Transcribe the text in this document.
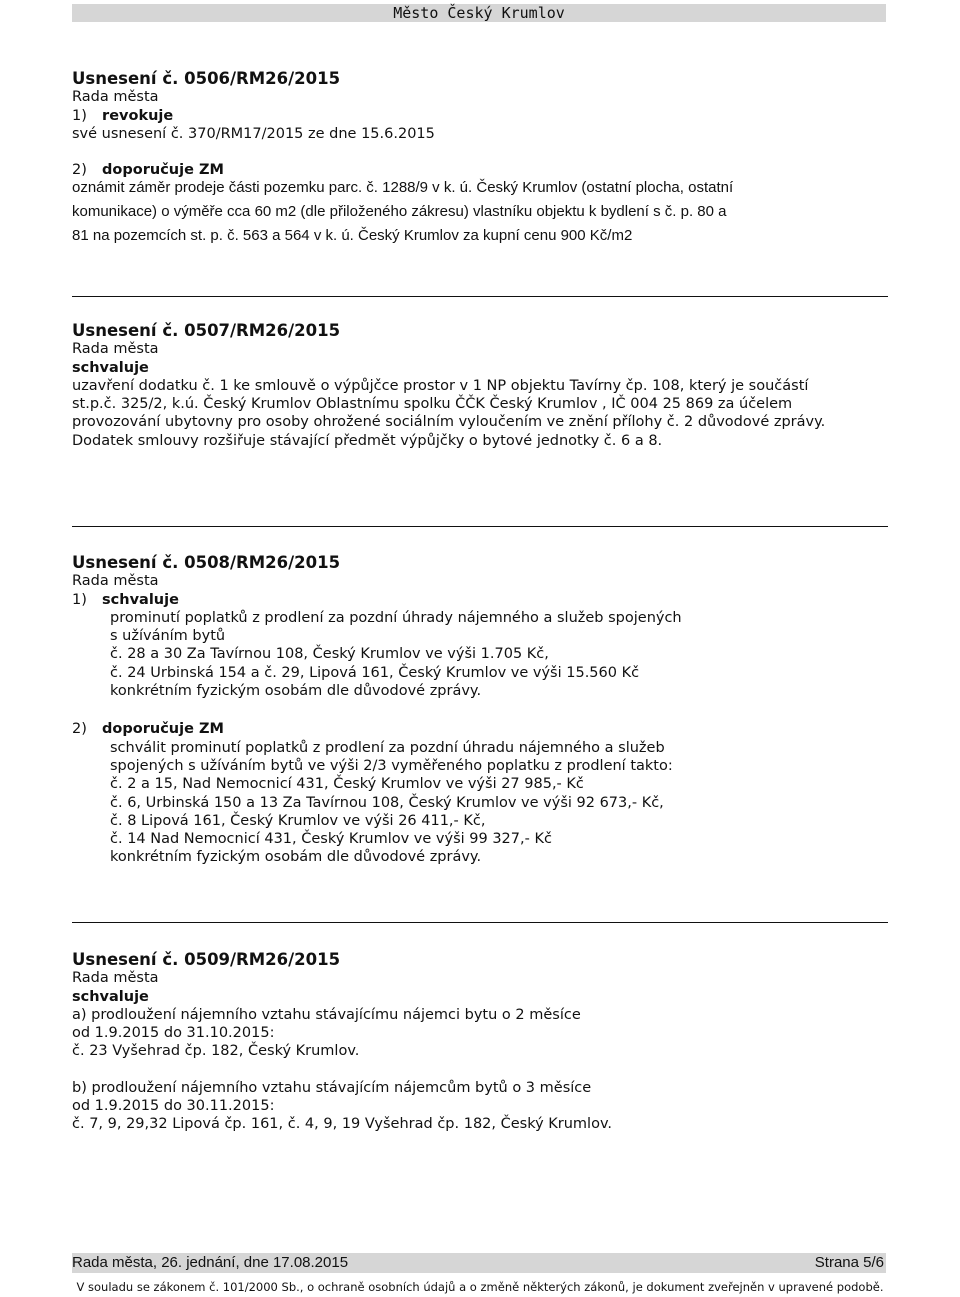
Město Český Krumlov
Usnesení č. 0506/RM26/2015
Rada města
1) revokuje
své usnesení č. 370/RM17/2015 ze dne 15.6.2015
2) doporučuje ZM
oznámit záměr prodeje části pozemku parc. č. 1288/9 v k. ú. Český Krumlov (ostatní plocha, ostatní
komunikace) o výměře cca 60 m2 (dle přiloženého zákresu) vlastníku objektu k bydlení s č. p. 80 a
81 na pozemcích st. p. č. 563 a 564 v k. ú. Český Krumlov za kupní cenu 900 Kč/m2
Usnesení č. 0507/RM26/2015
Rada města
schvaluje
uzavření dodatku č. 1 ke smlouvě o výpůjčce prostor v 1 NP objektu Tavírny čp. 108, který je součástí
st.p.č. 325/2, k.ú. Český Krumlov Oblastnímu spolku ČČK Český Krumlov , IČ 004 25 869 za účelem
provozování ubytovny pro osoby ohrožené sociálním vyloučením ve znění přílohy č. 2 důvodové zprávy.
Dodatek smlouvy rozšiřuje stávající předmět výpůjčky o bytové jednotky č. 6 a 8.
Usnesení č. 0508/RM26/2015
Rada města
1) schvaluje
prominutí poplatků z prodlení za pozdní úhrady nájemného a služeb spojených
s užíváním bytů
č. 28 a 30 Za Tavírnou 108, Český Krumlov ve výši 1.705 Kč,
č. 24 Urbinská 154 a č. 29, Lipová 161, Český Krumlov ve výši 15.560 Kč
konkrétním fyzickým osobám dle důvodové zprávy.
2) doporučuje ZM
schválit prominutí poplatků z prodlení za pozdní úhradu nájemného a služeb
spojených s užíváním bytů ve výši 2/3 vyměřeného poplatku z prodlení takto:
č. 2 a 15, Nad Nemocnicí 431, Český Krumlov ve výši 27 985,- Kč
č. 6, Urbinská 150 a 13 Za Tavírnou 108, Český Krumlov ve výši 92 673,- Kč,
č. 8 Lipová 161, Český Krumlov ve výši 26 411,- Kč,
č. 14 Nad Nemocnicí 431, Český Krumlov ve výši 99 327,- Kč
konkrétním fyzickým osobám dle důvodové zprávy.
Usnesení č. 0509/RM26/2015
Rada města
schvaluje
a) prodloužení nájemního vztahu stávajícímu nájemci bytu o 2 měsíce
od 1.9.2015 do 31.10.2015:
č. 23 Vyšehrad čp. 182, Český Krumlov.
b) prodloužení nájemního vztahu stávajícím nájemcům bytů o 3 měsíce
od 1.9.2015 do 30.11.2015:
č. 7, 9, 29,32 Lipová čp. 161, č. 4, 9, 19 Vyšehrad čp. 182, Český Krumlov.
Rada města, 26. jednání, dne 17.08.2015	Strana 5/6
V souladu se zákonem č. 101/2000 Sb., o ochraně osobních údajů a o změně některých zákonů, je dokument zveřejněn v upravené podobě.
